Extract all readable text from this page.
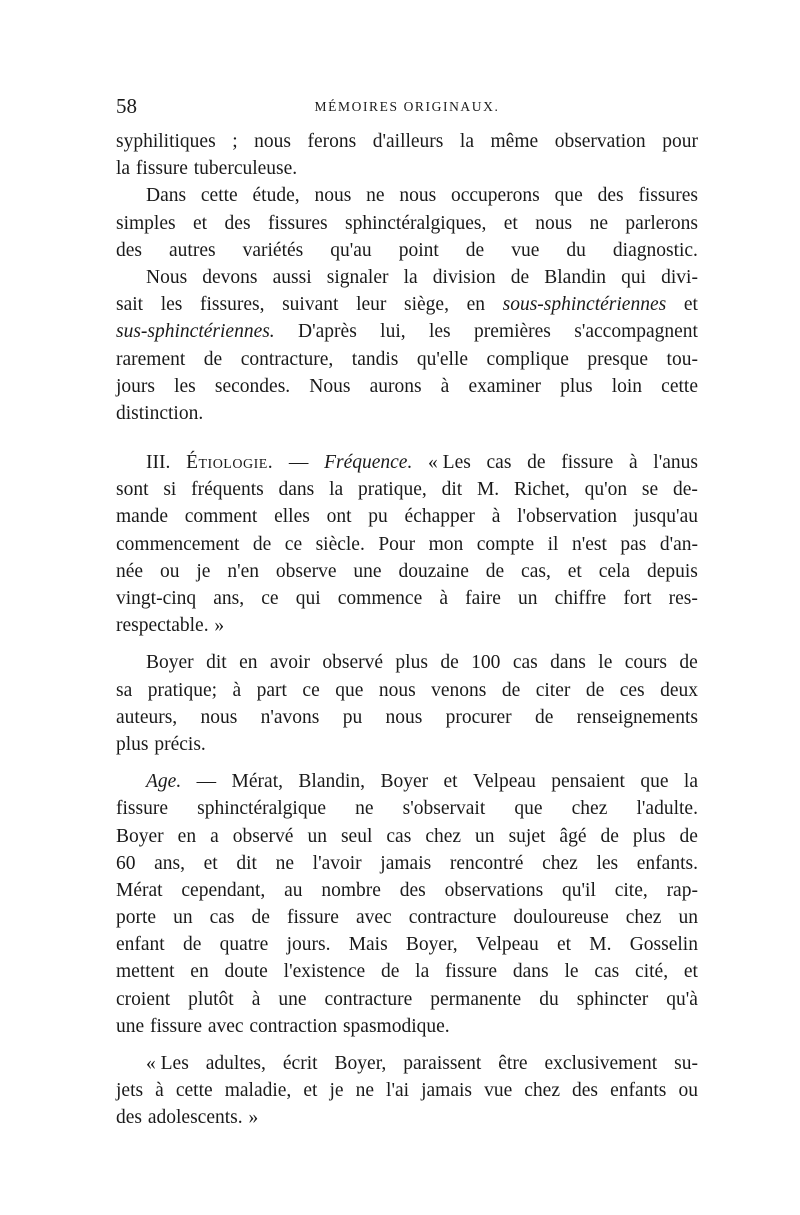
58	MÉMOIRES ORIGINAUX.
syphilitiques ; nous ferons d'ailleurs la même observation pour
la fissure tuberculeuse.
Dans cette étude, nous ne nous occuperons que des fissures
simples et des fissures sphinctéralgiques, et nous ne parlerons
des autres variétés qu'au point de vue du diagnostic.
Nous devons aussi signaler la division de Blandin qui divi-
sait les fissures, suivant leur siège, en sous-sphinctériennes et
sus-sphinctériennes. D'après lui, les premières s'accompagnent
rarement de contracture, tandis qu'elle complique presque tou-
jours les secondes. Nous aurons à examiner plus loin cette
distinction.
III. Étiologie. — Fréquence. « Les cas de fissure à l'anus
sont si fréquents dans la pratique, dit M. Richet, qu'on se de-
mande comment elles ont pu échapper à l'observation jusqu'au
commencement de ce siècle. Pour mon compte il n'est pas d'an-
née ou je n'en observe une douzaine de cas, et cela depuis
vingt-cinq ans, ce qui commence à faire un chiffre fort res-
respectable. »
Boyer dit en avoir observé plus de 100 cas dans le cours de
sa pratique; à part ce que nous venons de citer de ces deux
auteurs, nous n'avons pu nous procurer de renseignements
plus précis.
Age. — Mérat, Blandin, Boyer et Velpeau pensaient que la
fissure sphinctéralgique ne s'observait que chez l'adulte.
Boyer en a observé un seul cas chez un sujet âgé de plus de
60 ans, et dit ne l'avoir jamais rencontré chez les enfants.
Mérat cependant, au nombre des observations qu'il cite, rap-
porte un cas de fissure avec contracture douloureuse chez un
enfant de quatre jours. Mais Boyer, Velpeau et M. Gosselin
mettent en doute l'existence de la fissure dans le cas cité, et
croient plutôt à une contracture permanente du sphincter qu'à
une fissure avec contraction spasmodique.
« Les adultes, écrit Boyer, paraissent être exclusivement su-
jets à cette maladie, et je ne l'ai jamais vue chez des enfants ou
des adolescents. »
